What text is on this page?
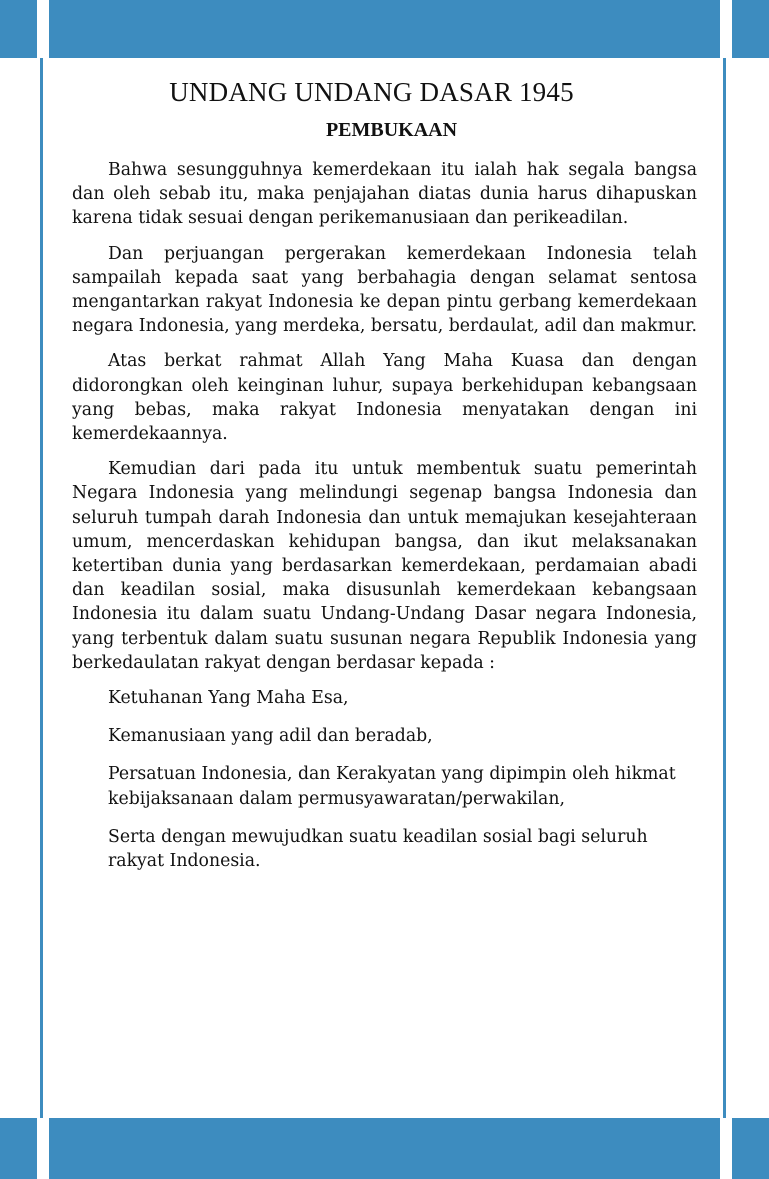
UNDANG UNDANG DASAR 1945
PEMBUKAAN

Bahwa sesungguhnya kemerdekaan itu ialah hak segala bangsa dan oleh sebab itu, maka penjajahan diatas dunia harus dihapuskan karena tidak sesuai dengan perikemanusiaan dan perikeadilan.

Dan perjuangan pergerakan kemerdekaan Indonesia telah sampailah kepada saat yang berbahagia dengan selamat sentosa mengantarkan rakyat Indonesia ke depan pintu gerbang kemerdekaan negara Indonesia, yang merdeka, bersatu, berdaulat, adil dan makmur.

Atas berkat rahmat Allah Yang Maha Kuasa dan dengan didorongkan oleh keinginan luhur, supaya berkehidupan kebangsaan yang bebas, maka rakyat Indonesia menyatakan dengan ini kemerdekaannya.

Kemudian dari pada itu untuk membentuk suatu pemerintah Negara Indonesia yang melindungi segenap bangsa Indonesia dan seluruh tumpah darah Indonesia dan untuk memajukan kesejahteraan umum, mencerdaskan kehidupan bangsa, dan ikut melaksanakan ketertiban dunia yang berdasarkan kemerdekaan, perdamaian abadi dan keadilan sosial, maka disusunlah kemerdekaan kebangsaan Indonesia itu dalam suatu Undang-Undang Dasar negara Indonesia, yang terbentuk dalam suatu susunan negara Republik Indonesia yang berkedaulatan rakyat dengan berdasar kepada :

Ketuhanan Yang Maha Esa,

Kemanusiaan yang adil dan beradab,

Persatuan Indonesia, dan Kerakyatan yang dipimpin oleh hikmat kebijaksanaan dalam permusyawaratan/perwakilan,

Serta dengan mewujudkan suatu keadilan sosial bagi seluruh rakyat Indonesia.
